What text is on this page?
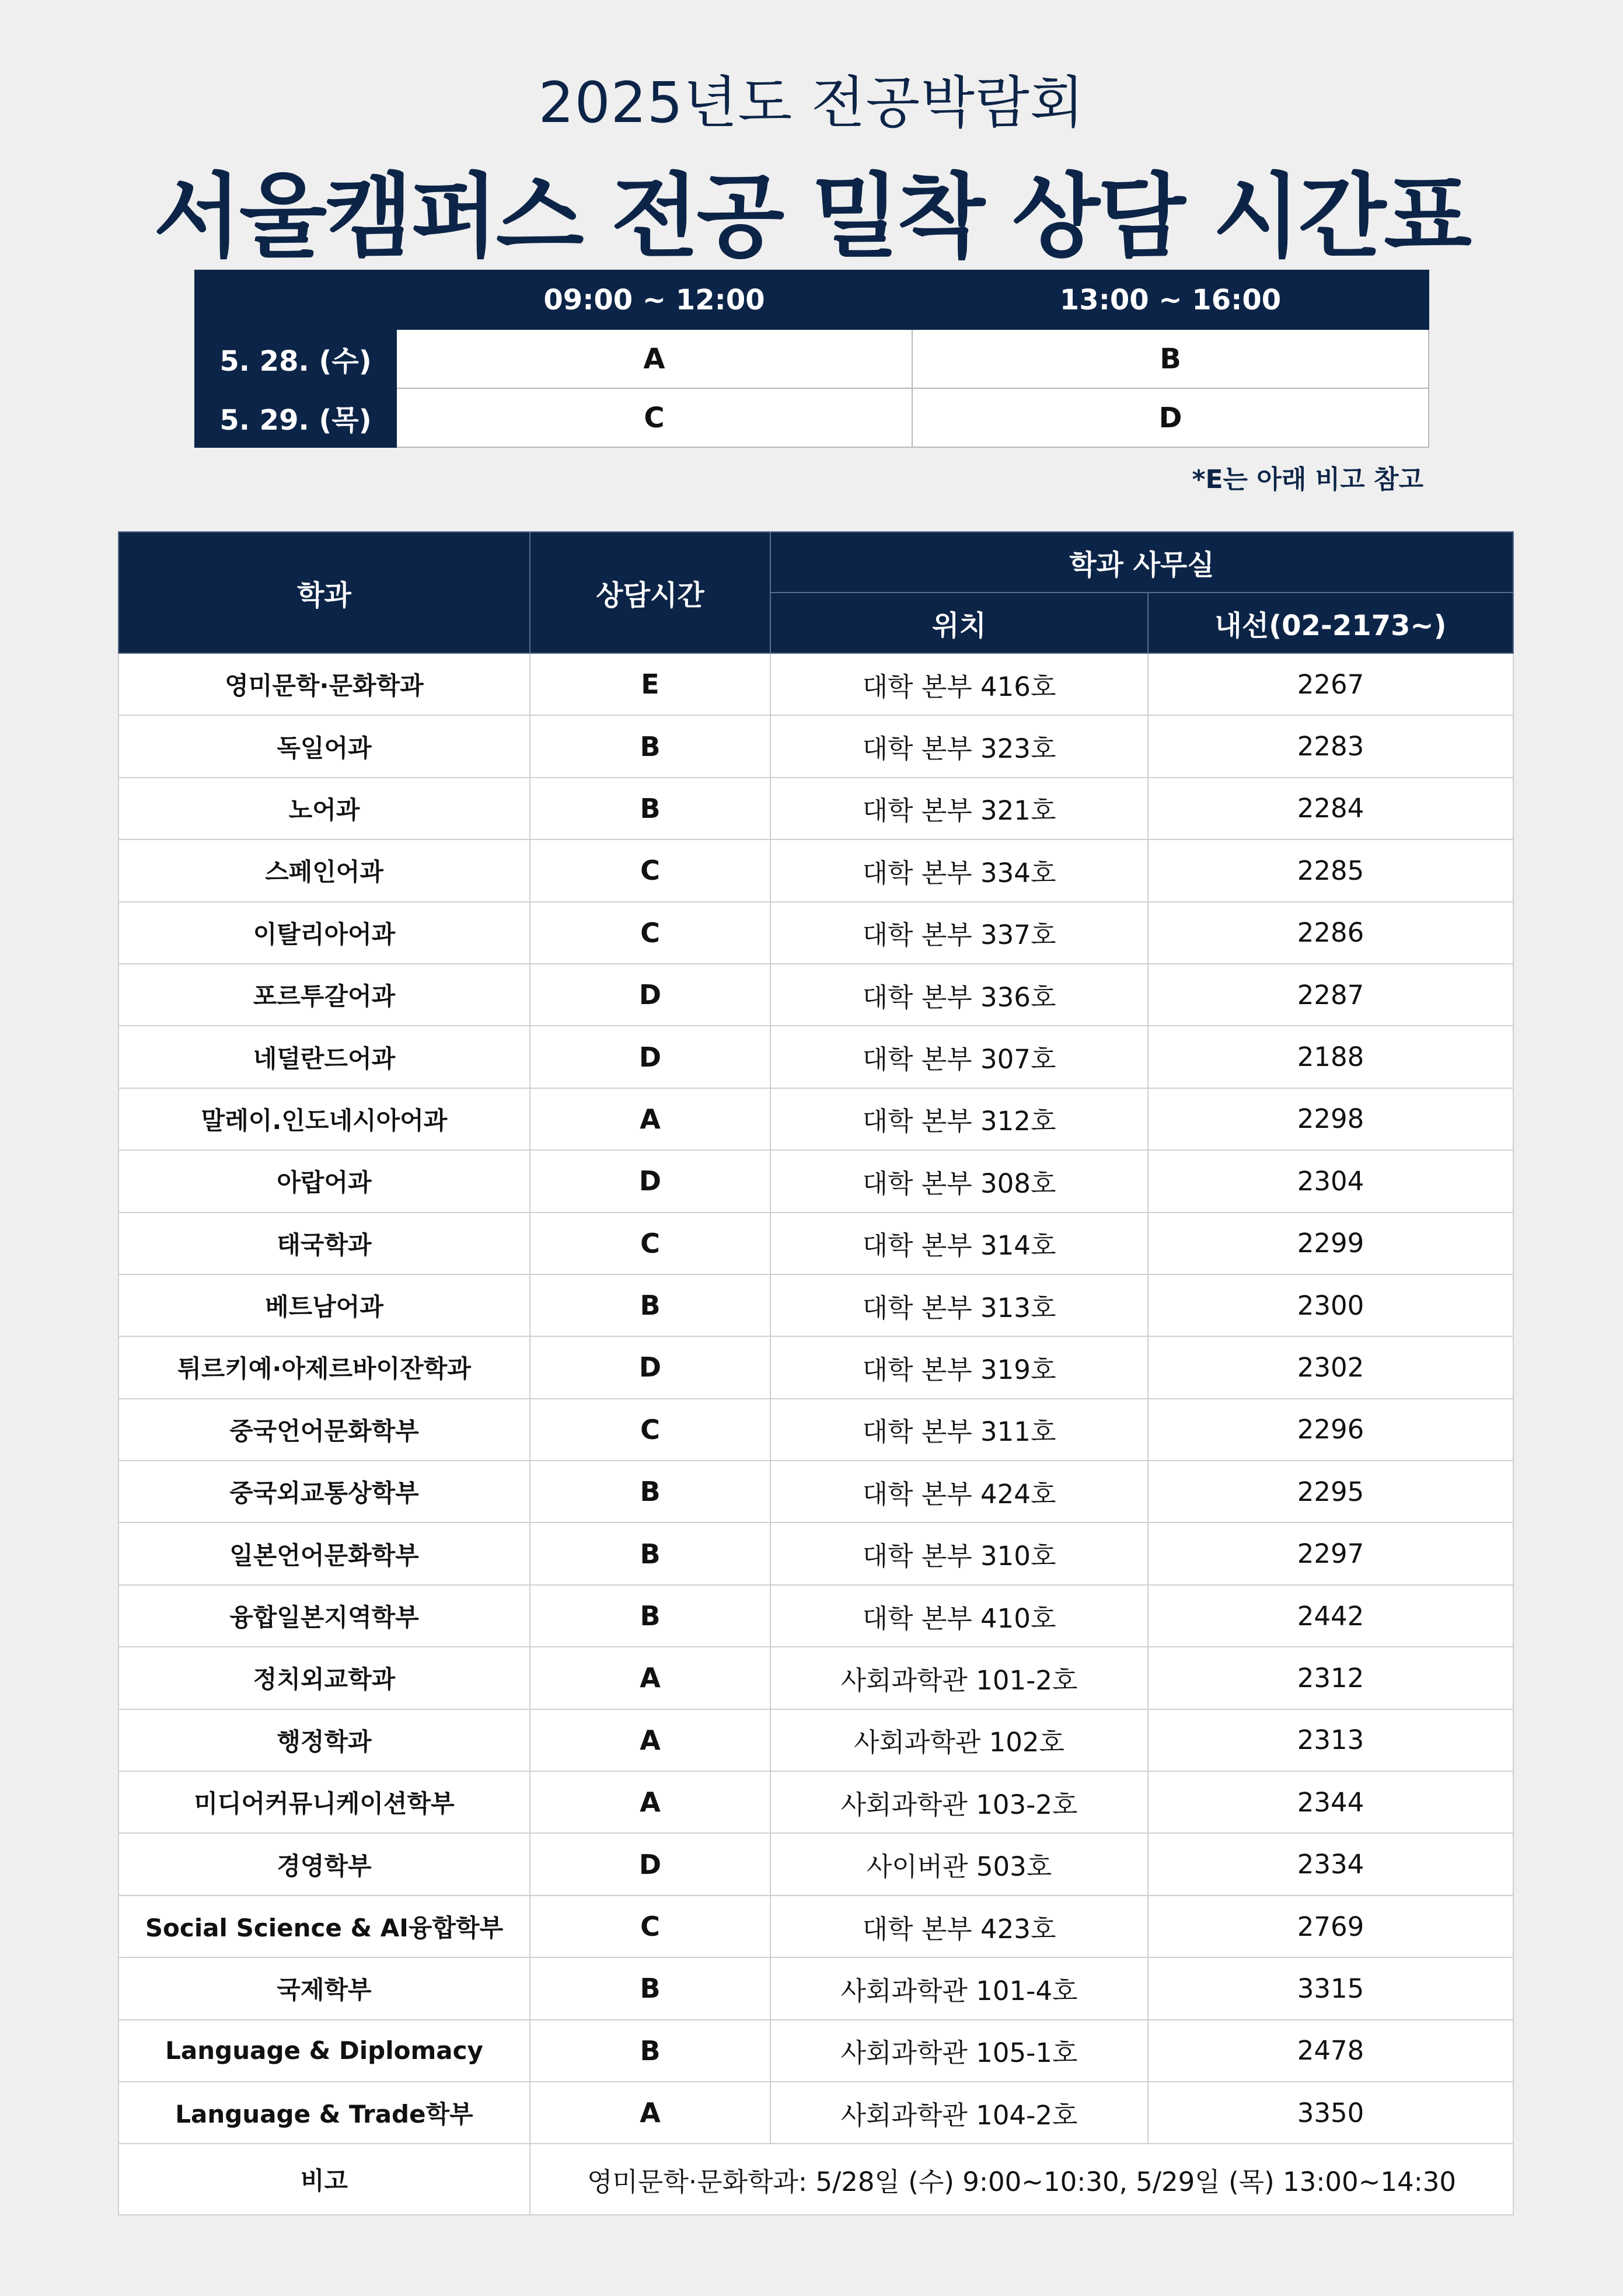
2025년도 전공박람회
서울캠퍼스 전공 밀착 상담 시간표
	09:00 ~ 12:00	13:00 ~ 16:00
5. 28. (수)	A	B
5. 29. (목)	C	D
*E는 아래 비고 참고
학과	상담시간	학과 사무실	
		위치	내선(02-2173~)
영미문학·문화학과	E	대학 본부 416호	2267
독일어과	B	대학 본부 323호	2283
노어과	B	대학 본부 321호	2284
스페인어과	C	대학 본부 334호	2285
이탈리아어과	C	대학 본부 337호	2286
포르투갈어과	D	대학 본부 336호	2287
네덜란드어과	D	대학 본부 307호	2188
말레이.인도네시아어과	A	대학 본부 312호	2298
아랍어과	D	대학 본부 308호	2304
태국학과	C	대학 본부 314호	2299
베트남어과	B	대학 본부 313호	2300
튀르키예·아제르바이잔학과	D	대학 본부 319호	2302
중국언어문화학부	C	대학 본부 311호	2296
중국외교통상학부	B	대학 본부 424호	2295
일본언어문화학부	B	대학 본부 310호	2297
융합일본지역학부	B	대학 본부 410호	2442
정치외교학과	A	사회과학관 101-2호	2312
행정학과	A	사회과학관 102호	2313
미디어커뮤니케이션학부	A	사회과학관 103-2호	2344
경영학부	D	사이버관 503호	2334
Social Science & AI융합학부	C	대학 본부 423호	2769
국제학부	B	사회과학관 101-4호	3315
Language & Diplomacy	B	사회과학관 105-1호	2478
Language & Trade학부	A	사회과학관 104-2호	3350
비고	영미문학·문화학과: 5/28일 (수) 9:00~10:30, 5/29일 (목) 13:00~14:30		
